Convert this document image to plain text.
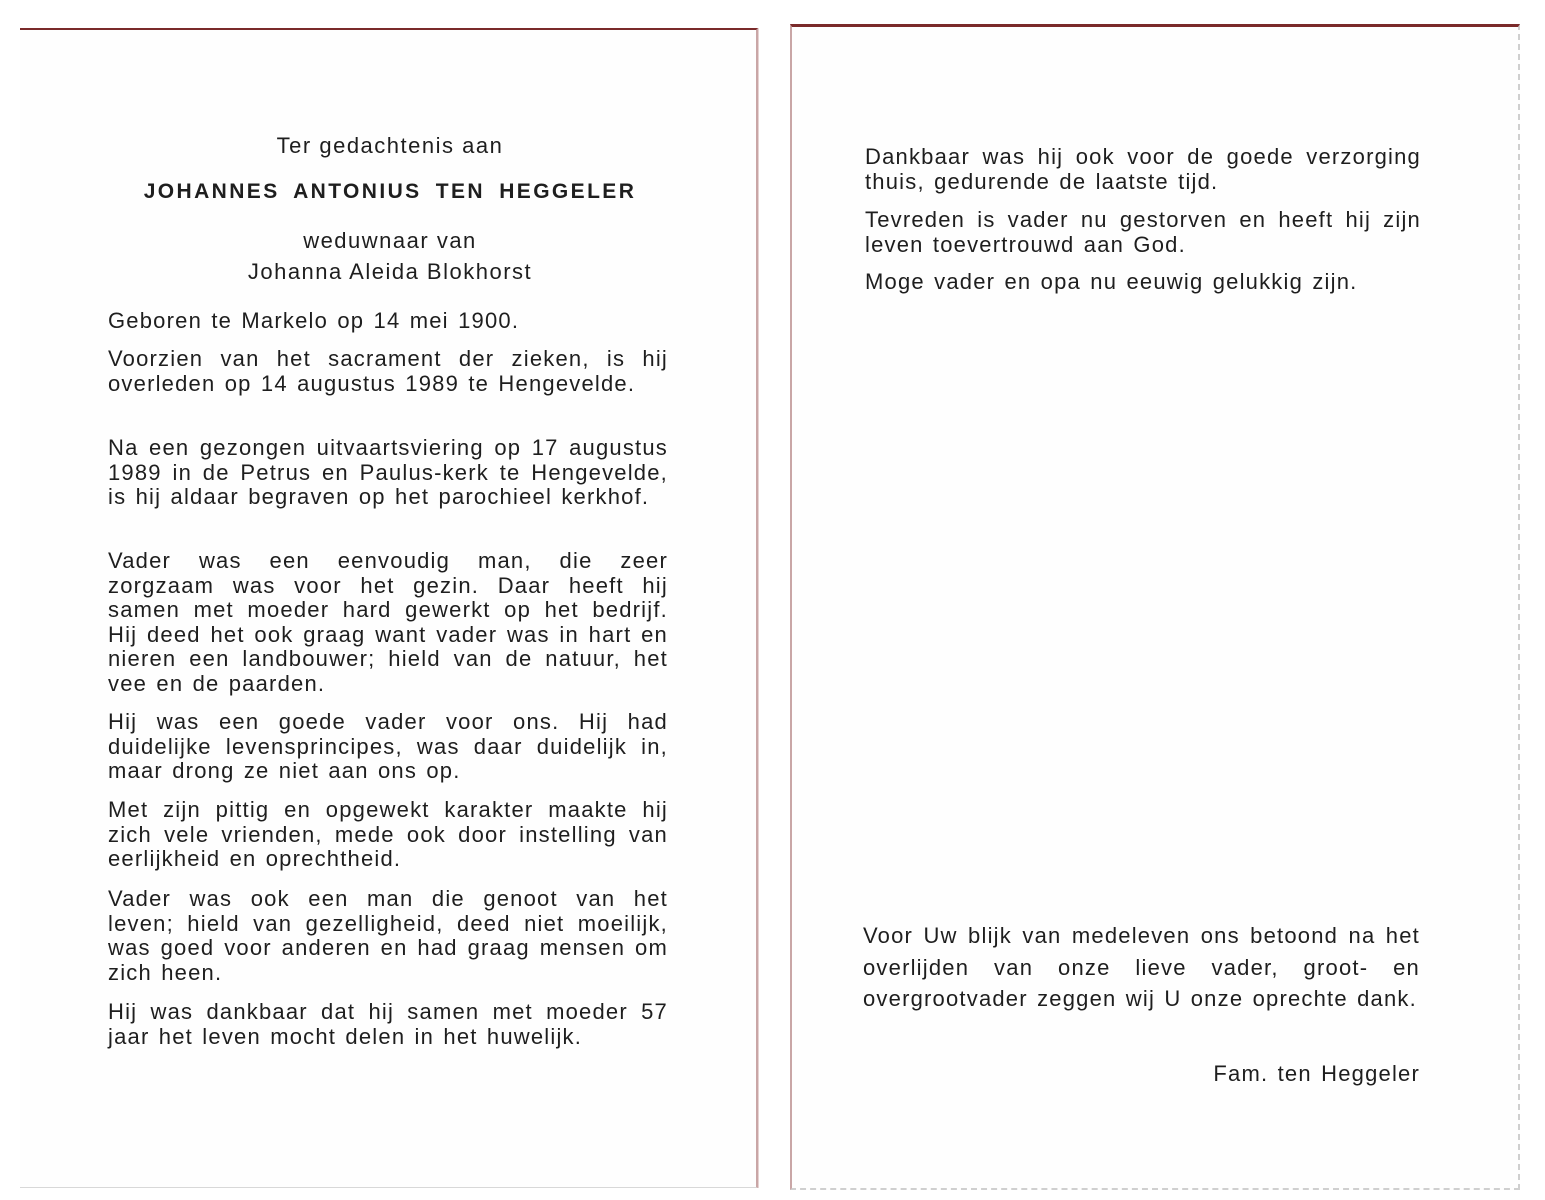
Ter gedachtenis aan
JOHANNES ANTONIUS TEN HEGGELER
weduwnaar van
Johanna Aleida Blokhorst
Geboren te Markelo op 14 mei 1900.
Voorzien van het sacrament der zieken, is hij overleden op 14 augustus 1989 te Hengevelde.
Na een gezongen uitvaartsviering op 17 augustus 1989 in de Petrus en Paulus-kerk te Hengevelde, is hij aldaar begraven op het parochieel kerkhof.
Vader was een eenvoudig man, die zeer zorgzaam was voor het gezin. Daar heeft hij samen met moeder hard gewerkt op het bedrijf. Hij deed het ook graag want vader was in hart en nieren een landbouwer; hield van de natuur, het vee en de paarden.
Hij was een goede vader voor ons. Hij had duidelijke levensprincipes, was daar duidelijk in, maar drong ze niet aan ons op.
Met zijn pittig en opgewekt karakter maakte hij zich vele vrienden, mede ook door instelling van eerlijkheid en oprechtheid.
Vader was ook een man die genoot van het leven; hield van gezelligheid, deed niet moeilijk, was goed voor anderen en had graag mensen om zich heen.
Hij was dankbaar dat hij samen met moeder 57 jaar het leven mocht delen in het huwelijk.
Dankbaar was hij ook voor de goede verzorging thuis, gedurende de laatste tijd.
Tevreden is vader nu gestorven en heeft hij zijn leven toevertrouwd aan God.
Moge vader en opa nu eeuwig gelukkig zijn.
Voor Uw blijk van medeleven ons betoond na het overlijden van onze lieve vader, groot- en overgrootvader zeggen wij U onze oprechte dank.
Fam. ten Heggeler
